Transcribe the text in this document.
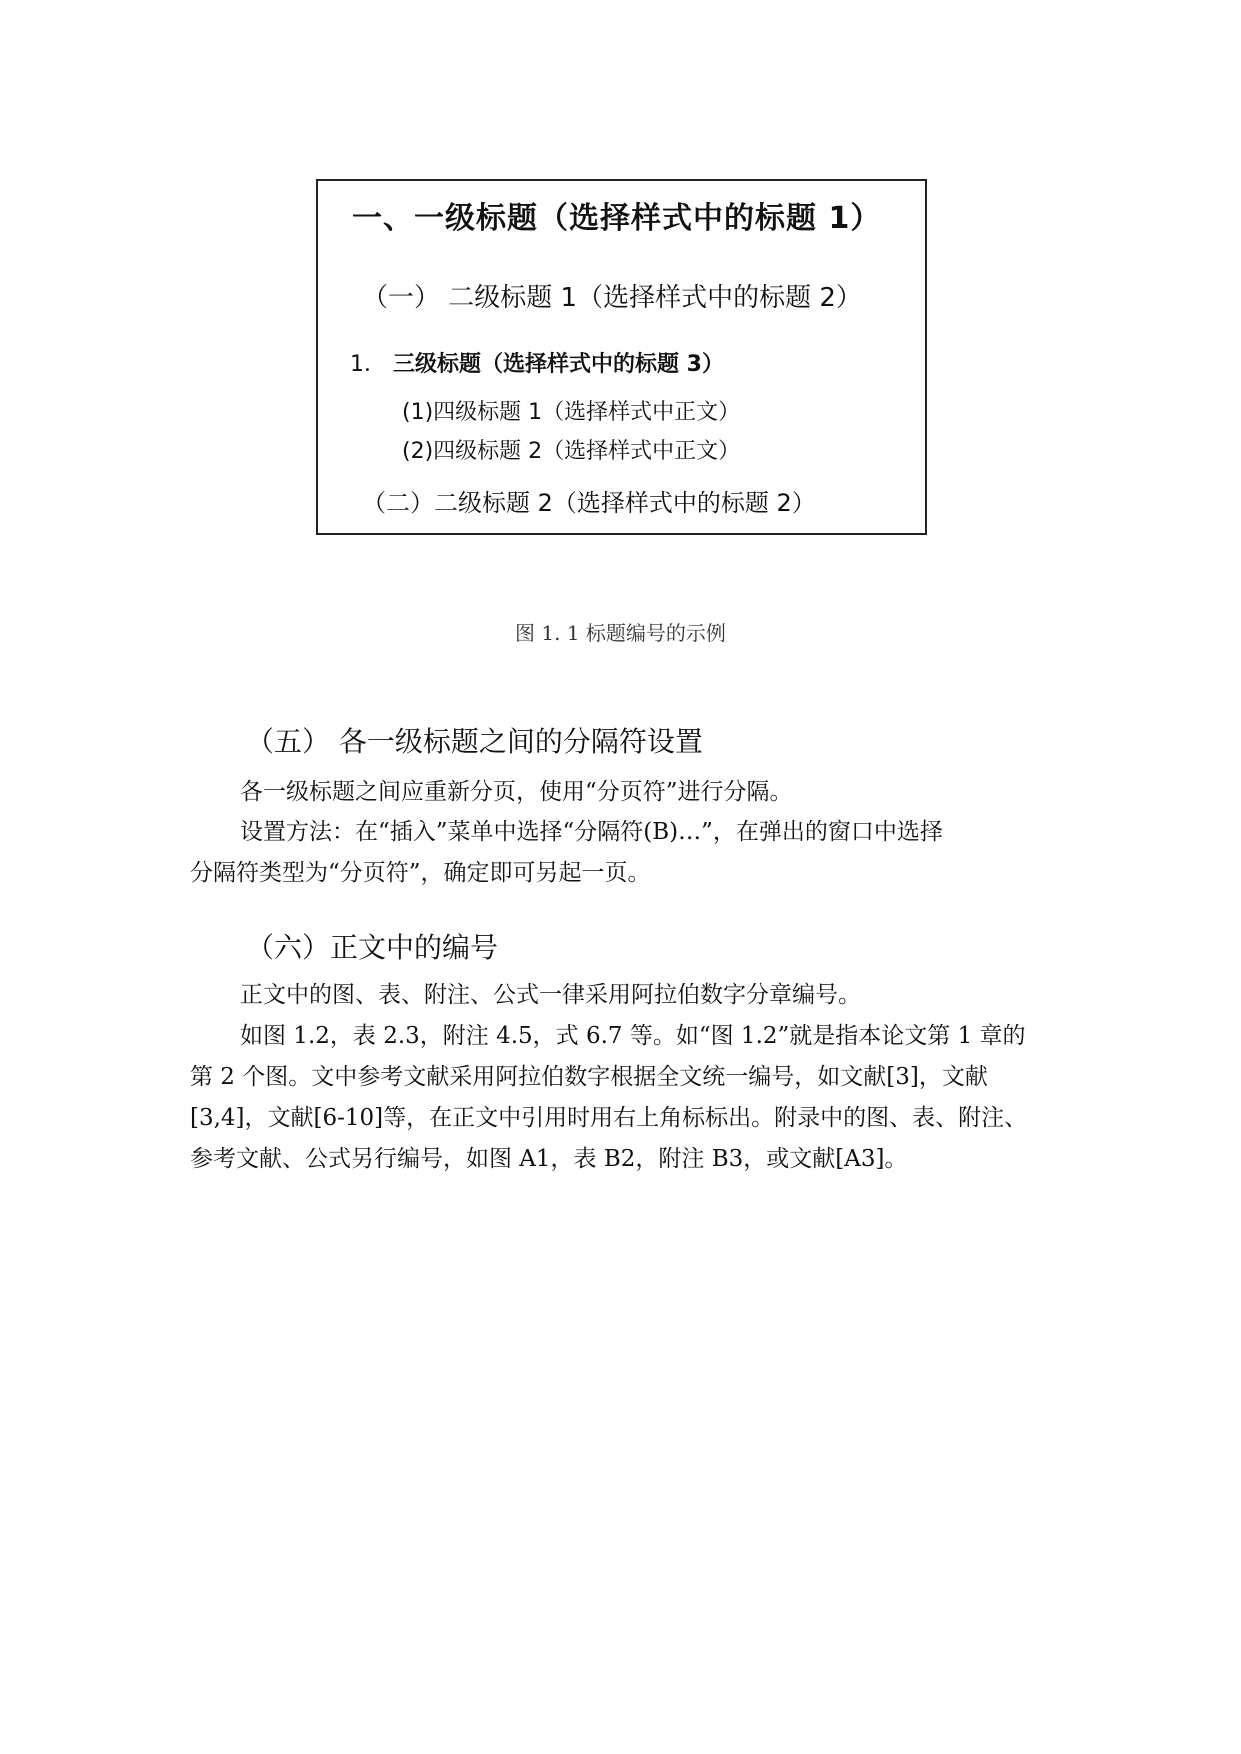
一、一级标题（选择样式中的标题 1）
（一） 二级标题 1（选择样式中的标题 2）
1． 三级标题（选择样式中的标题 3）
(1)四级标题 1（选择样式中正文）
(2)四级标题 2（选择样式中正文）
（二）二级标题 2（选择样式中的标题 2）
图 1. 1 标题编号的示例
（五） 各一级标题之间的分隔符设置
各一级标题之间应重新分页，使用“分页符”进行分隔。
设置方法：在“插入”菜单中选择“分隔符(B)…”，在弹出的窗口中选择
分隔符类型为“分页符”，确定即可另起一页。
（六）正文中的编号
正文中的图、表、附注、公式一律采用阿拉伯数字分章编号。
如图 1.2，表 2.3，附注 4.5，式 6.7 等。如“图 1.2”就是指本论文第 1 章的
第 2 个图。文中参考文献采用阿拉伯数字根据全文统一编号，如文献[3]，文献
[3,4]，文献[6-10]等，在正文中引用时用右上角标标出。附录中的图、表、附注、
参考文献、公式另行编号，如图 A1，表 B2，附注 B3，或文献[A3]。
